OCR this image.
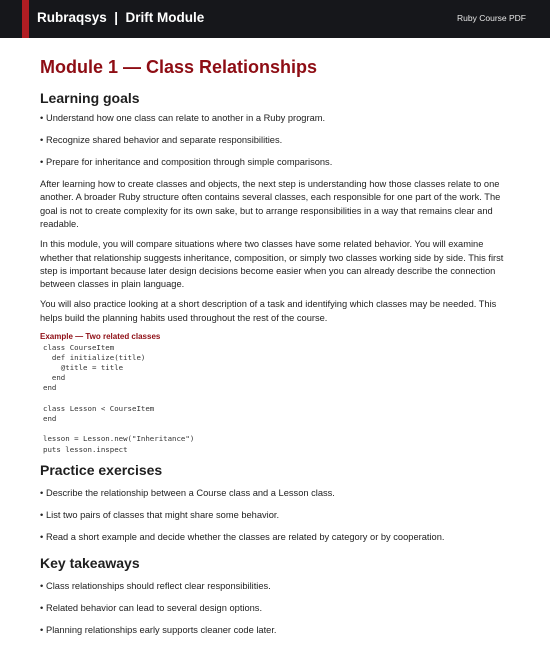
Rubraqsys  |  Drift Module	Ruby Course PDF
Module 1 — Class Relationships
Learning goals
• Understand how one class can relate to another in a Ruby program.
• Recognize shared behavior and separate responsibilities.
• Prepare for inheritance and composition through simple comparisons.

After learning how to create classes and objects, the next step is understanding how those classes relate to one another. A broader Ruby structure often contains several classes, each responsible for one part of the work. The goal is not to create complexity for its own sake, but to arrange responsibilities in a way that remains clear and readable.

In this module, you will compare situations where two classes have some related behavior. You will examine whether that relationship suggests inheritance, composition, or simply two classes working side by side. This first step is important because later design decisions become easier when you can already describe the connection between classes in plain language.

You will also practice looking at a short description of a task and identifying which classes may be needed. This helps build the planning habits used throughout the rest of the course.

Example — Two related classes
class CourseItem
def initialize(title)
@title = title
end
end

class Lesson < CourseItem
end

lesson = Lesson.new("Inheritance")
puts lesson.inspect
Practice exercises
• Describe the relationship between a Course class and a Lesson class.
• List two pairs of classes that might share some behavior.
• Read a short example and decide whether the classes are related by category or by cooperation.
Key takeaways
• Class relationships should reflect clear responsibilities.
• Related behavior can lead to several design options.
• Planning relationships early supports cleaner code later.
